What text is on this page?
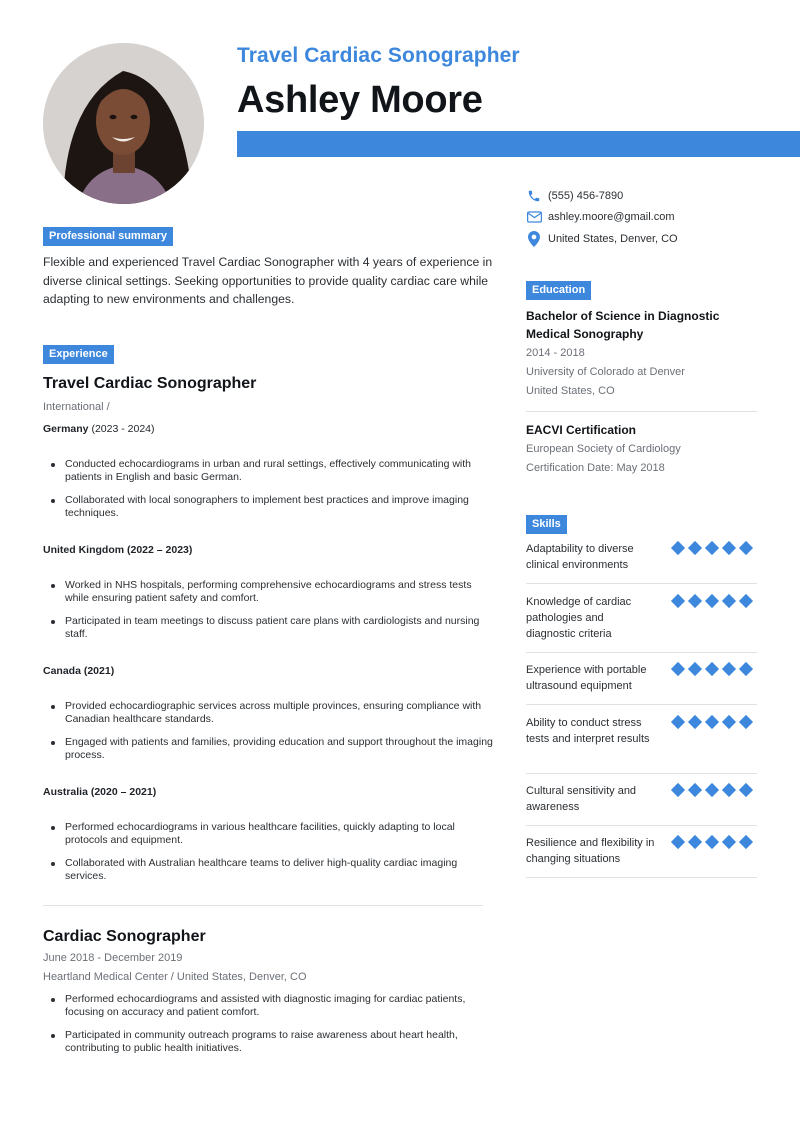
Travel Cardiac Sonographer
Ashley Moore
(555) 456-7890
ashley.moore@gmail.com
United States, Denver, CO
Professional summary
Flexible and experienced Travel Cardiac Sonographer with 4 years of experience in diverse clinical settings. Seeking opportunities to provide quality cardiac care while adapting to new environments and challenges.
Experience
Travel Cardiac Sonographer
International /
Germany (2023 - 2024)
Conducted echocardiograms in urban and rural settings, effectively communicating with patients in English and basic German.
Collaborated with local sonographers to implement best practices and improve imaging techniques.
United Kingdom (2022 – 2023)
Worked in NHS hospitals, performing comprehensive echocardiograms and stress tests while ensuring patient safety and comfort.
Participated in team meetings to discuss patient care plans with cardiologists and nursing staff.
Canada (2021)
Provided echocardiographic services across multiple provinces, ensuring compliance with Canadian healthcare standards.
Engaged with patients and families, providing education and support throughout the imaging process.
Australia (2020 – 2021)
Performed echocardiograms in various healthcare facilities, quickly adapting to local protocols and equipment.
Collaborated with Australian healthcare teams to deliver high-quality cardiac imaging services.
Cardiac Sonographer
June 2018 - December 2019
Heartland Medical Center / United States, Denver, CO
Performed echocardiograms and assisted with diagnostic imaging for cardiac patients, focusing on accuracy and patient comfort.
Participated in community outreach programs to raise awareness about heart health, contributing to public health initiatives.
Education
Bachelor of Science in Diagnostic Medical Sonography
2014 - 2018
University of Colorado at Denver
United States, CO
EACVI Certification
European Society of Cardiology
Certification Date: May 2018
Skills
Adaptability to diverse clinical environments
Knowledge of cardiac pathologies and diagnostic criteria
Experience with portable ultrasound equipment
Ability to conduct stress tests and interpret results
Cultural sensitivity and awareness
Resilience and flexibility in changing situations
